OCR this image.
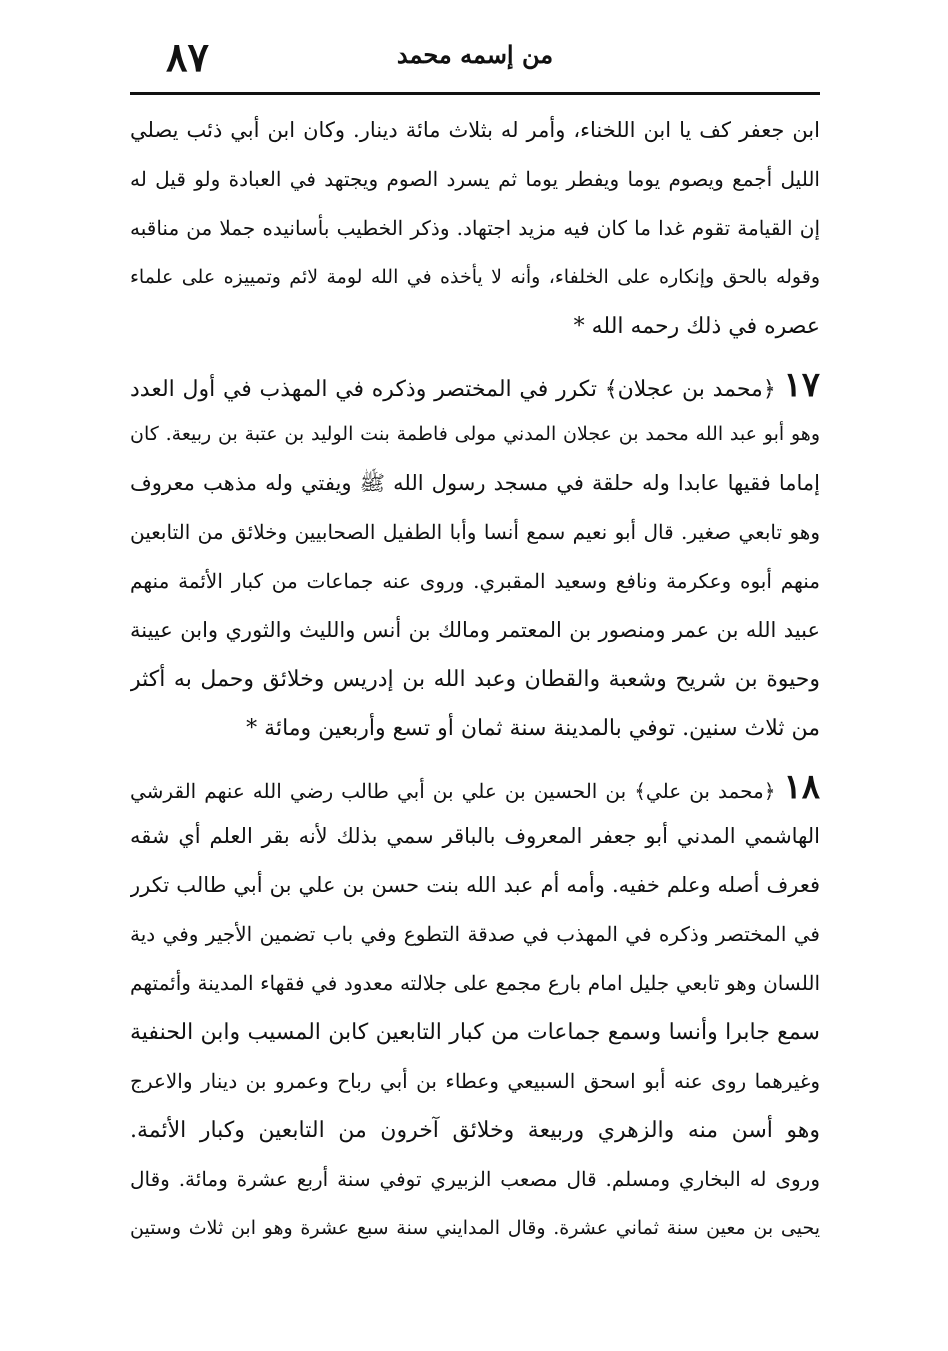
٨٧	من إسمه محمد
ابن جعفر كف يا ابن اللخناء، وأمر له بثلاث مائة دينار. وكان ابن أبي ذئب يصلي
الليل أجمع ويصوم يوما ويفطر يوما ثم يسرد الصوم ويجتهد في العبادة ولو قيل له
إن القيامة تقوم غدا ما كان فيه مزيد اجتهاد. وذكر الخطيب بأسانيده جملا من مناقبه
وقوله بالحق وإنكاره على الخلفاء، وأنه لا يأخذه في الله لومة لائم وتمييزه على علماء
عصره في ذلك رحمه الله *
١٧ ﴿محمد بن عجلان﴾ تكرر في المختصر وذكره في المهذب في أول العدد
وهو أبو عبد الله محمد بن عجلان المدني مولى فاطمة بنت الوليد بن عتبة بن ربيعة. كان
إماما فقيها عابدا وله حلقة في مسجد رسول الله ﷺ ويفتي وله مذهب معروف
وهو تابعي صغير. قال أبو نعيم سمع أنسا وأبا الطفيل الصحابيين وخلائق من التابعين
منهم أبوه وعكرمة ونافع وسعيد المقبري. وروى عنه جماعات من كبار الأئمة منهم
عبيد الله بن عمر ومنصور بن المعتمر ومالك بن أنس والليث والثوري وابن عيينة
وحيوة بن شريح وشعبة والقطان وعبد الله بن إدريس وخلائق وحمل به أكثر
من ثلاث سنين. توفي بالمدينة سنة ثمان أو تسع وأربعين ومائة *
١٨ ﴿محمد بن علي﴾ بن الحسين بن علي بن أبي طالب رضي الله عنهم القرشي
الهاشمي المدني أبو جعفر المعروف بالباقر سمي بذلك لأنه بقر العلم أي شقه
فعرف أصله وعلم خفيه. وأمه أم عبد الله بنت حسن بن علي بن أبي طالب تكرر
في المختصر وذكره في المهذب في صدقة التطوع وفي باب تضمين الأجير وفي دية
اللسان وهو تابعي جليل امام بارع مجمع على جلالته معدود في فقهاء المدينة وأئمتهم
سمع جابرا وأنسا وسمع جماعات من كبار التابعين كابن المسيب وابن الحنفية
وغيرهما روى عنه أبو اسحق السبيعي وعطاء بن أبي رباح وعمرو بن دينار والاعرج
وهو أسن منه والزهري وربيعة وخلائق آخرون من التابعين وكبار الأئمة.
وروى له البخاري ومسلم. قال مصعب الزبيري توفي سنة أربع عشرة ومائة. وقال
يحيى بن معين سنة ثماني عشرة. وقال المدايني سنة سبع عشرة وهو ابن ثلاث وستين
